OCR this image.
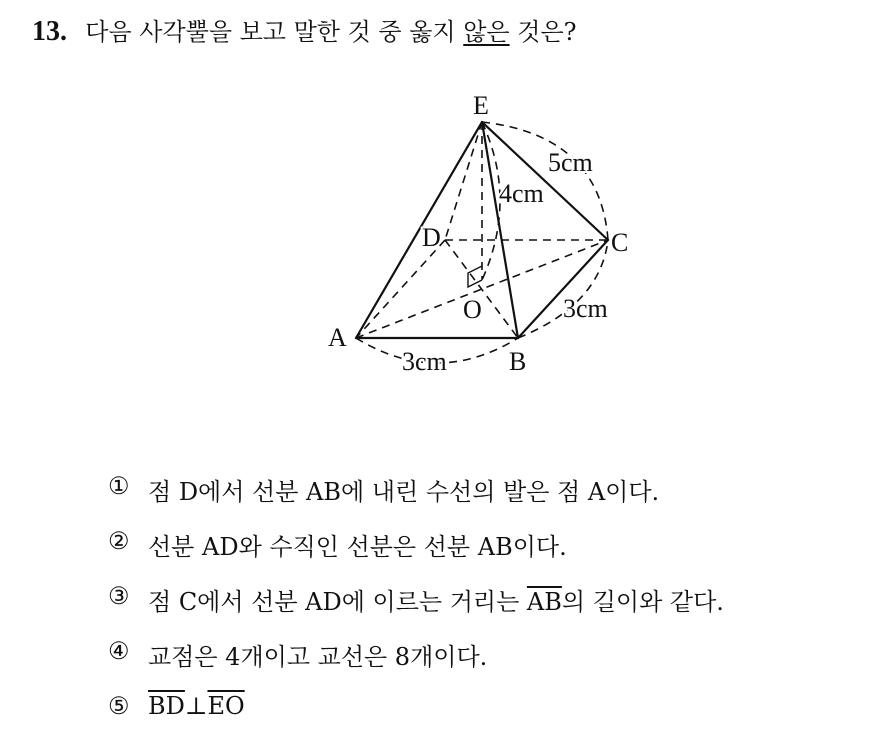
13. 다음 사각뿔을 보고 말한 것 중 옳지 않은 것은?
E
D	C
A
B
O
5cm
4cm
3cm
3cm
① 점 D에서 선분 AB에 내린 수선의 발은 점 A이다.
② 선분 AD와 수직인 선분은 선분 AB이다.
③ 점 C에서 선분 AD에 이르는 거리는 $\overline{AB}$의 길이와 같다.
④ 교점은 4개이고 교선은 8개이다.
⑤ $\overline{BD}\perp\overline{EO}$
